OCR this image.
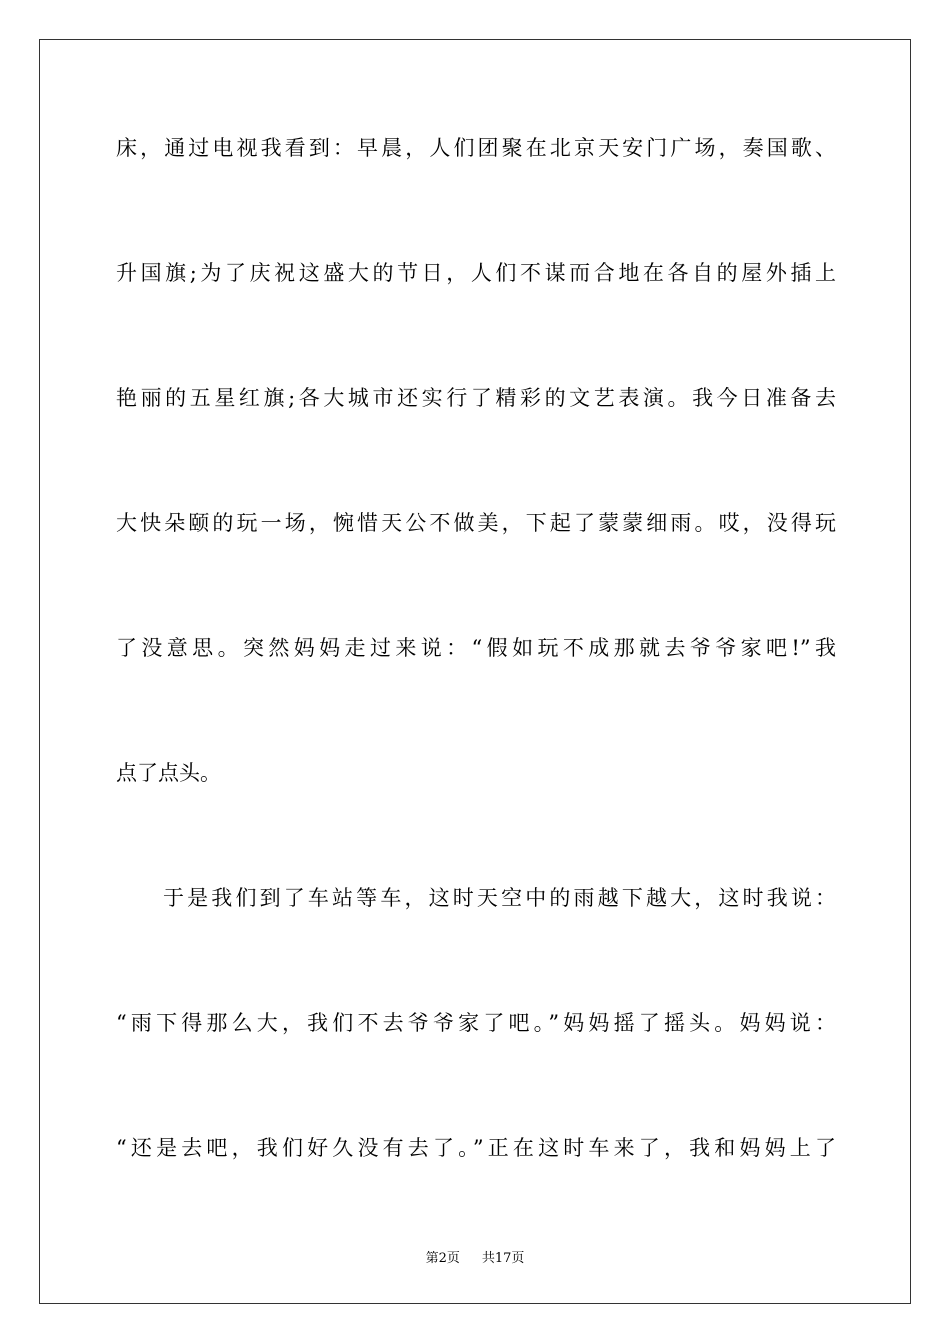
床，通过电视我看到：早晨，人们团聚在北京天安门广场，奏国歌、
升国旗;为了庆祝这盛大的节日，人们不谋而合地在各自的屋外插上
艳丽的五星红旗;各大城市还实行了精彩的文艺表演。我今日准备去
大快朵颐的玩一场，惋惜天公不做美，下起了蒙蒙细雨。哎，没得玩
了没意思。突然妈妈走过来说：“假如玩不成那就去爷爷家吧!”我
点了点头。
于是我们到了车站等车，这时天空中的雨越下越大，这时我说：
“雨下得那么大，我们不去爷爷家了吧。”妈妈摇了摇头。妈妈说：
“还是去吧，我们好久没有去了。”正在这时车来了，我和妈妈上了
第2页 共17页
